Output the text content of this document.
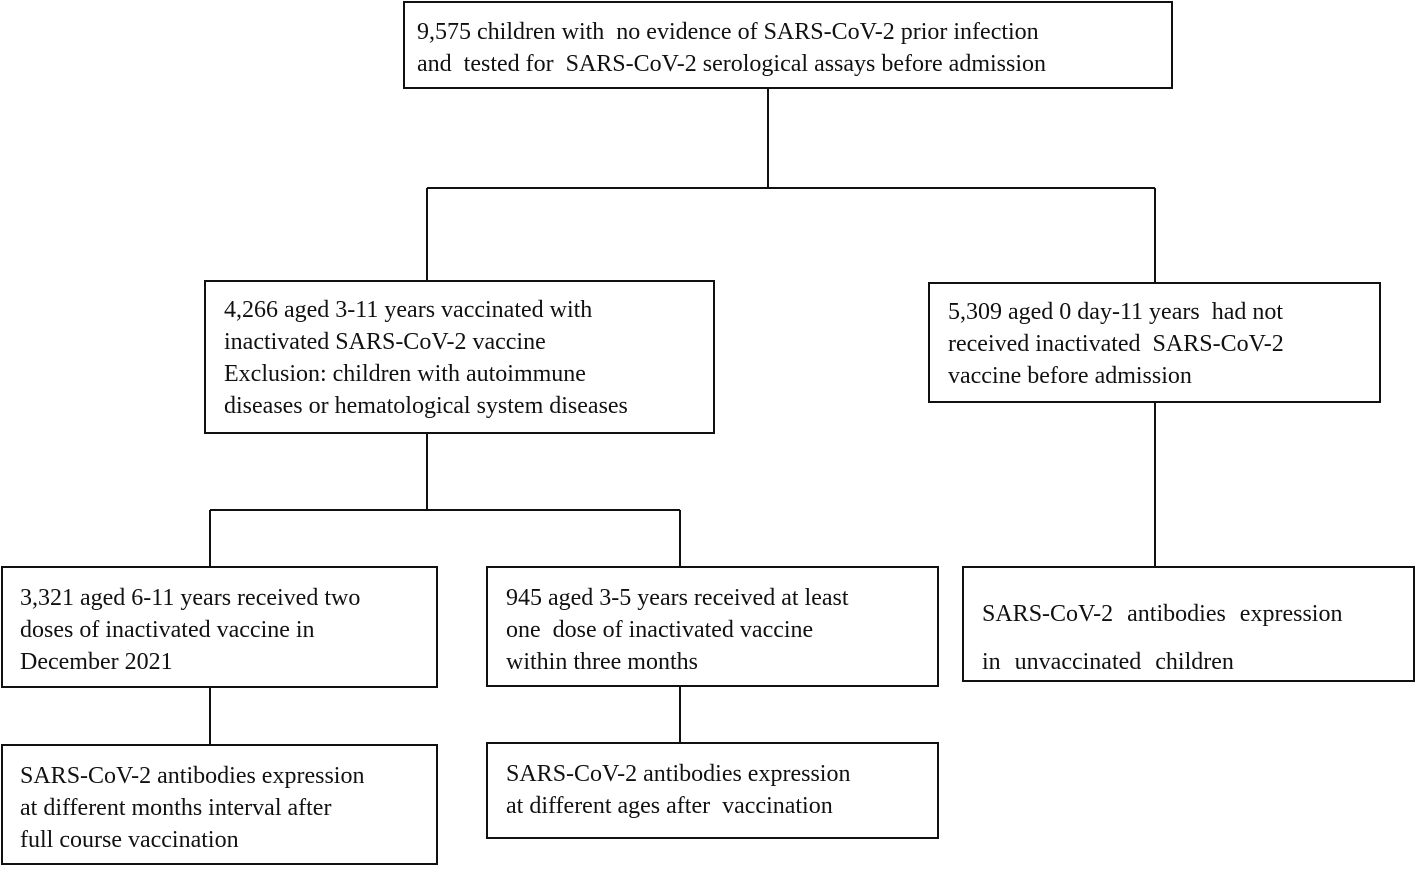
9,575 children with  no evidence of SARS-CoV-2 prior infection
and  tested for  SARS-CoV-2 serological assays before admission
4,266 aged 3-11 years vaccinated with
inactivated SARS-CoV-2 vaccine
Exclusion: children with autoimmune
diseases or hematological system diseases
5,309 aged 0 day-11 years  had not
received inactivated  SARS-CoV-2
vaccine before admission
3,321 aged 6-11 years received two
doses of inactivated vaccine in
December 2021
945 aged 3-5 years received at least
one  dose of inactivated vaccine
within three months
SARS-CoV-2 antibodies expression
in unvaccinated children
SARS-CoV-2 antibodies expression
at different months interval after
full course vaccination
SARS-CoV-2 antibodies expression
at different ages after  vaccination
